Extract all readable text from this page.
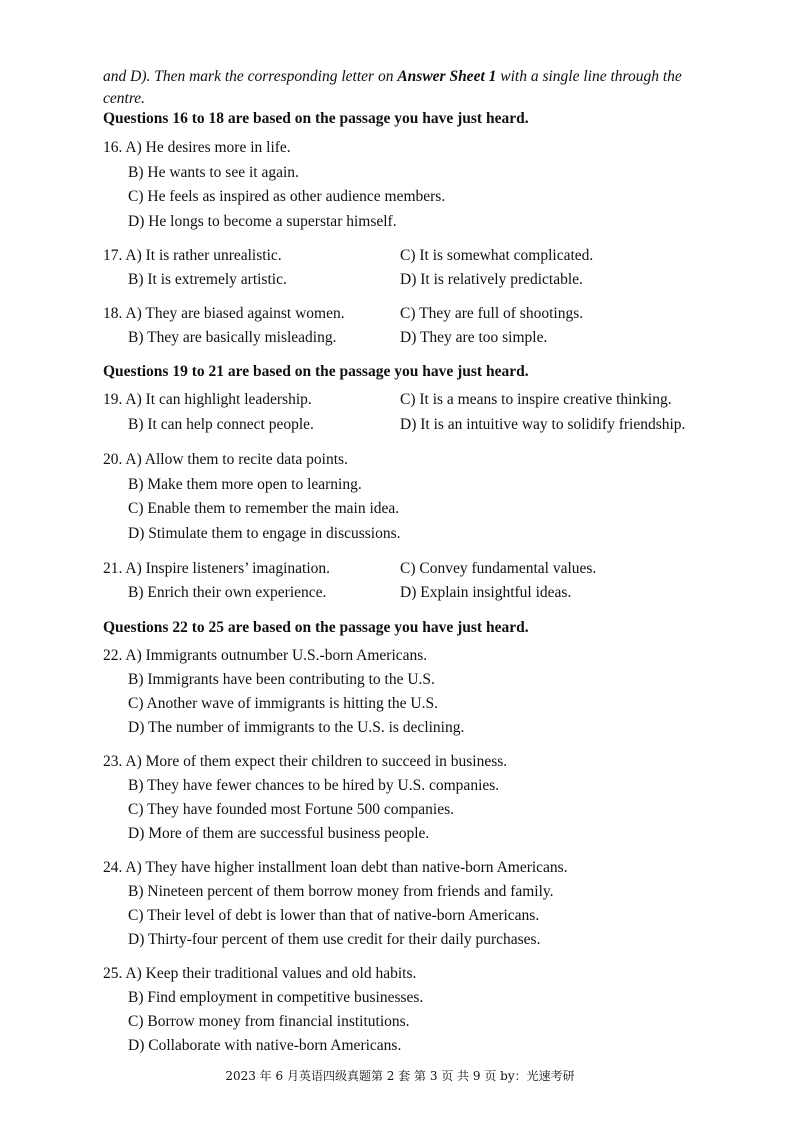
and D). Then mark the corresponding letter on Answer Sheet 1 with a single line through the centre.
Questions 16 to 18 are based on the passage you have just heard.
16. A) He desires more in life.
B) He wants to see it again.
C) He feels as inspired as other audience members.
D) He longs to become a superstar himself.
17. A) It is rather unrealistic.	C) It is somewhat complicated.
B) It is extremely artistic.	D) It is relatively predictable.
18. A) They are biased against women.	C) They are full of shootings.
B) They are basically misleading.	D) They are too simple.
Questions 19 to 21 are based on the passage you have just heard.
19. A) It can highlight leadership.	C) It is a means to inspire creative thinking.
B) It can help connect people.	D) It is an intuitive way to solidify friendship.
20. A) Allow them to recite data points.
B) Make them more open to learning.
C) Enable them to remember the main idea.
D) Stimulate them to engage in discussions.
21. A) Inspire listeners’ imagination.	C) Convey fundamental values.
B) Enrich their own experience.	D) Explain insightful ideas.
Questions 22 to 25 are based on the passage you have just heard.
22. A) Immigrants outnumber U.S.-born Americans.
B) Immigrants have been contributing to the U.S.
C) Another wave of immigrants is hitting the U.S.
D) The number of immigrants to the U.S. is declining.
23. A) More of them expect their children to succeed in business.
B) They have fewer chances to be hired by U.S. companies.
C) They have founded most Fortune 500 companies.
D) More of them are successful business people.
24. A) They have higher installment loan debt than native-born Americans.
B) Nineteen percent of them borrow money from friends and family.
C) Their level of debt is lower than that of native-born Americans.
D) Thirty-four percent of them use credit for their daily purchases.
25. A) Keep their traditional values and old habits.
B) Find employment in competitive businesses.
C) Borrow money from financial institutions.
D) Collaborate with native-born Americans.
2023 年 6 月英语四级真题第 2 套 第 3 页 共 9 页 by：光速考研
